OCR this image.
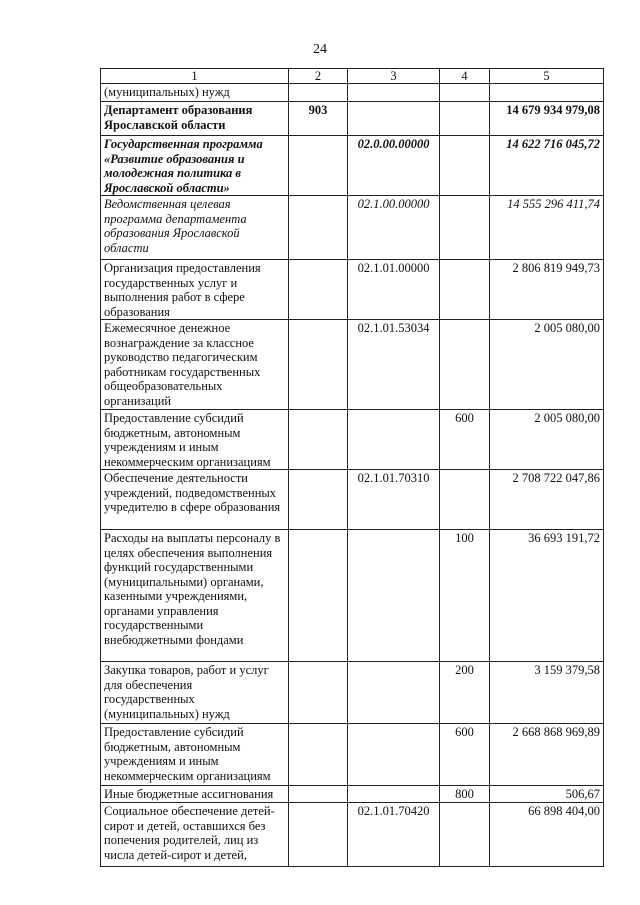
24
1	2	3	4	5
(муниципальных) нужд				
Департамент образования Ярославской области	903			14 679 934 979,08
Государственная программа «Развитие образования и молодежная политика в Ярославской области»		02.0.00.00000		14 622 716 045,72
Ведомственная целевая программа департамента образования Ярославской области		02.1.00.00000		14 555 296 411,74
Организация предоставления государственных услуг и выполнения работ в сфере образования		02.1.01.00000		2 806 819 949,73
Ежемесячное денежное вознаграждение за классное руководство педагогическим работникам государственных общеобразовательных организаций		02.1.01.53034		2 005 080,00
Предоставление субсидий бюджетным, автономным учреждениям и иным некоммерческим организациям			600	2 005 080,00
Обеспечение деятельности учреждений, подведомственных учредителю в сфере образования		02.1.01.70310		2 708 722 047,86
Расходы на выплаты персоналу в целях обеспечения выполнения функций государственными (муниципальными) органами, казенными учреждениями, органами управления государственными внебюджетными фондами			100	36 693 191,72
Закупка товаров, работ и услуг для обеспечения государственных (муниципальных) нужд			200	3 159 379,58
Предоставление субсидий бюджетным, автономным учреждениям и иным некоммерческим организациям			600	2 668 868 969,89
Иные бюджетные ассигнования			800	506,67
Социальное обеспечение детей-сирот и детей, оставшихся без попечения родителей, лиц из числа детей-сирот и детей,		02.1.01.70420		66 898 404,00
